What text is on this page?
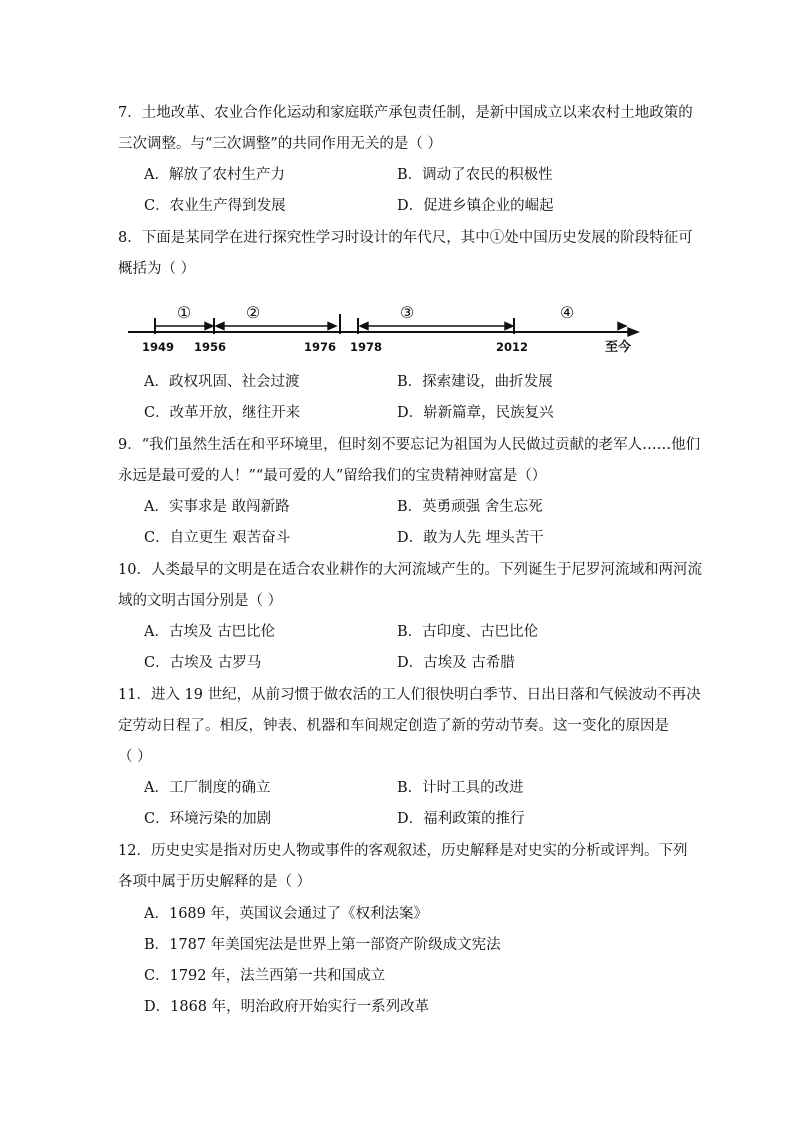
7．土地改革、农业合作化运动和家庭联产承包责任制，是新中国成立以来农村土地政策的
三次调整。与“三次调整”的共同作用无关的是（ ）
A．解放了农村生产力	B．调动了农民的积极性
C．农业生产得到发展	D．促进乡镇企业的崛起
8．下面是某同学在进行探究性学习时设计的年代尺，其中①处中国历史发展的阶段特征可
概括为（ ）
①	②	③	④
1949 1956	1976 1978	2012	至今
A．政权巩固、社会过渡	B．探索建设，曲折发展
C．改革开放，继往开来	D．崭新篇章，民族复兴
9．“我们虽然生活在和平环境里，但时刻不要忘记为祖国为人民做过贡献的老军人……他们
永远是最可爱的人！”“最可爱的人”留给我们的宝贵精神财富是（）
A．实事求是 敢闯新路	B．英勇顽强 舍生忘死
C．自立更生 艰苦奋斗	D．敢为人先 埋头苦干
10．人类最早的文明是在适合农业耕作的大河流域产生的。下列诞生于尼罗河流域和两河流
域的文明古国分别是（ ）
A．古埃及 古巴比伦	B．古印度、古巴比伦
C．古埃及 古罗马	D．古埃及 古希腊
11．进入 19 世纪，从前习惯于做农活的工人们很快明白季节、日出日落和气候波动不再决
定劳动日程了。相反，钟表、机器和车间规定创造了新的劳动节奏。这一变化的原因是
（ ）
A．工厂制度的确立	B．计时工具的改进
C．环境污染的加剧	D．福利政策的推行
12．历史史实是指对历史人物或事件的客观叙述，历史解释是对史实的分析或评判。下列
各项中属于历史解释的是（ ）
A．1689 年，英国议会通过了《权利法案》
B．1787 年美国宪法是世界上第一部资产阶级成文宪法
C．1792 年，法兰西第一共和国成立
D．1868 年，明治政府开始实行一系列改革
